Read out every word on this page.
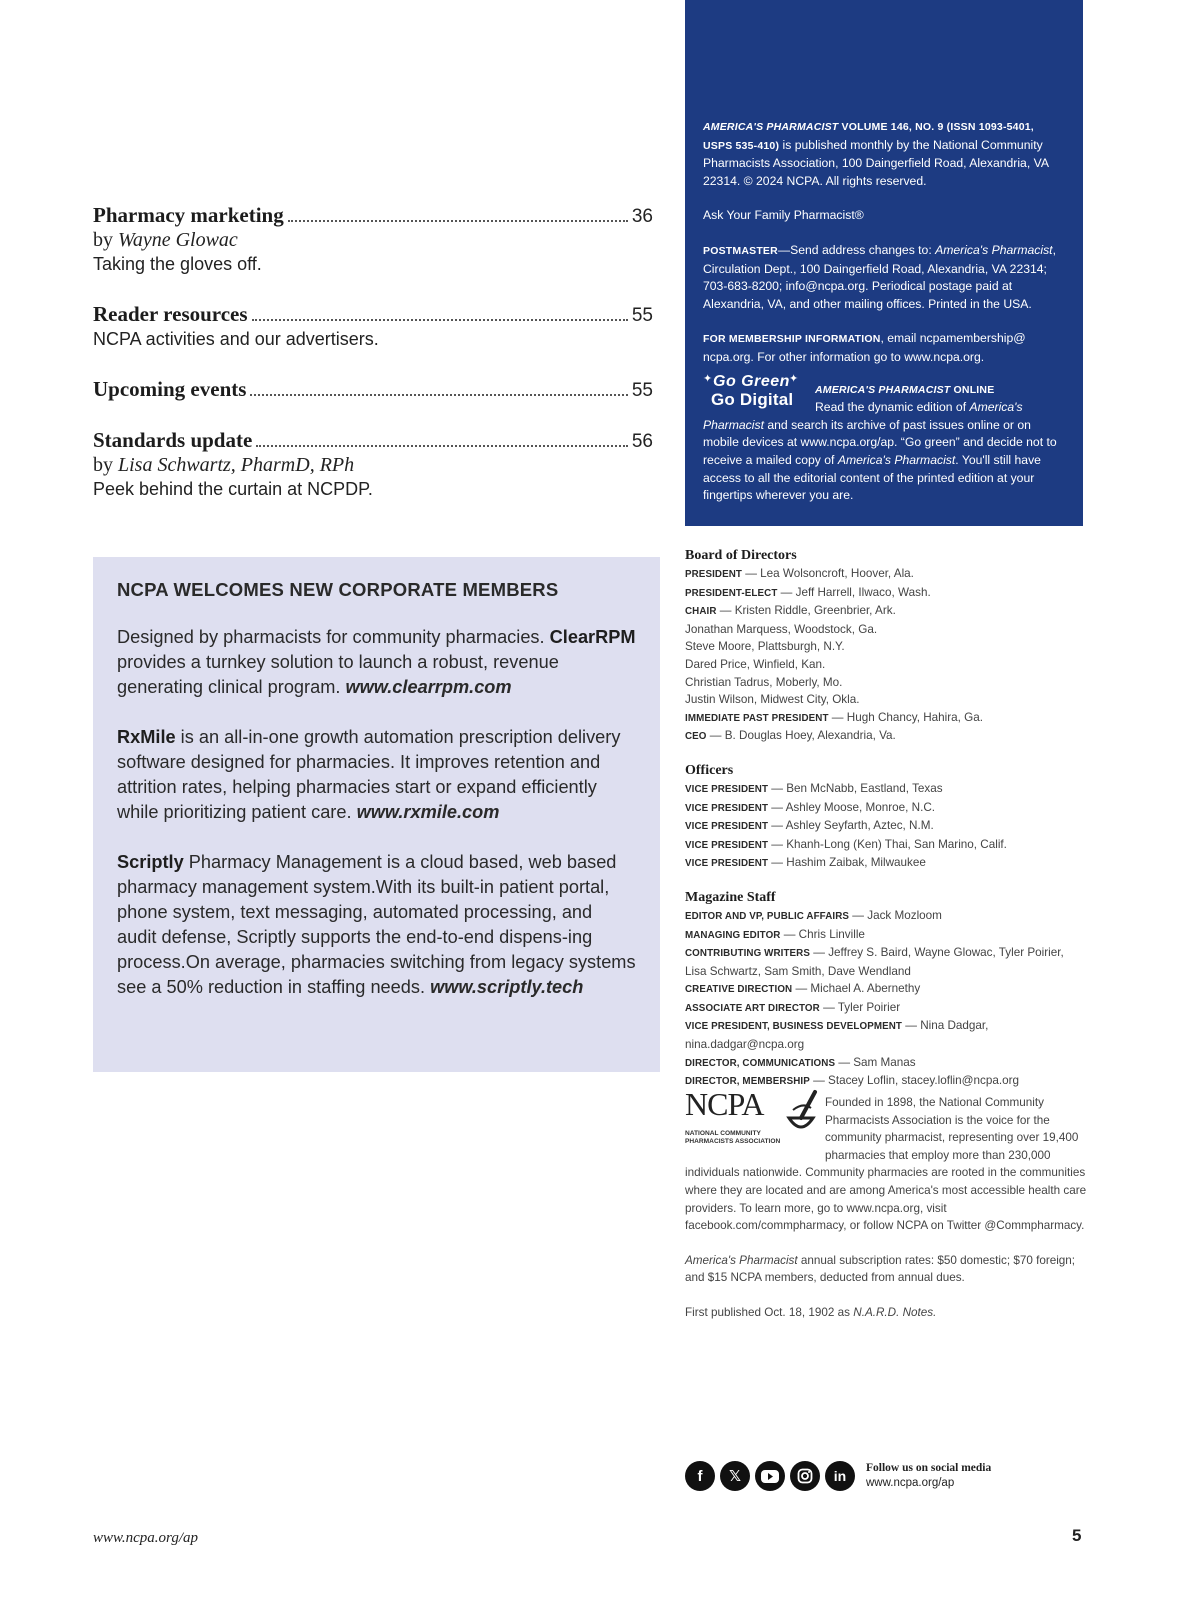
Pharmacy marketing	36
by Wayne Glowac
Taking the gloves off.
Reader resources	55
NCPA activities and our advertisers.
Upcoming events	55
Standards update	56
by Lisa Schwartz, PharmD, RPh
Peek behind the curtain at NCPDP.
NCPA WELCOMES NEW CORPORATE MEMBERS

Designed by pharmacists for community pharmacies. ClearRPM provides a turnkey solution to launch a robust, revenue generating clinical program. www.clearrpm.com

RxMile is an all-in-one growth automation prescription delivery software designed for pharmacies. It improves retention and attrition rates, helping pharmacies start or expand efficiently while prioritizing patient care. www.rxmile.com

Scriptly Pharmacy Management is a cloud based, web based pharmacy management system.With its built-in patient portal, phone system, text messaging, automated processing, and audit defense, Scriptly supports the end-to-end dispens-ing process.On average, pharmacies switching from legacy systems see a 50% reduction in staffing needs. www.scriptly.tech

AMERICA'S PHARMACIST VOLUME 146, NO. 9 (ISSN 1093-5401, USPS 535-410) is published monthly by the National Community Pharmacists Association, 100 Daingerfield Road, Alexandria, VA 22314. © 2024 NCPA. All rights reserved.

Ask Your Family Pharmacist®

POSTMASTER—Send address changes to: America's Pharmacist, Circulation Dept., 100 Daingerfield Road, Alexandria, VA 22314; 703-683-8200; info@ncpa.org. Periodical postage paid at Alexandria, VA, and other mailing offices. Printed in the USA.

FOR MEMBERSHIP INFORMATION, email ncpamembership@ ncpa.org. For other information go to www.ncpa.org.

✦	✦
Go Green
Go Digital	AMERICA'S PHARMACIST ONLINE
Read the dynamic edition of America's Pharmacist and search its archive of past issues online or on mobile devices at www.ncpa.org/ap. “Go green” and decide not to receive a mailed copy of America's Pharmacist. You'll still have access to all the editorial content of the printed edition at your fingertips wherever you are.
Board of Directors
PRESIDENT — Lea Wolsoncroft, Hoover, Ala.
PRESIDENT-ELECT — Jeff Harrell, Ilwaco, Wash.
CHAIR — Kristen Riddle, Greenbrier, Ark.
Jonathan Marquess, Woodstock, Ga.
Steve Moore, Plattsburgh, N.Y.
Dared Price, Winfield, Kan.
Christian Tadrus, Moberly, Mo.
Justin Wilson, Midwest City, Okla.
IMMEDIATE PAST PRESIDENT — Hugh Chancy, Hahira, Ga.
CEO — B. Douglas Hoey, Alexandria, Va.
Officers
VICE PRESIDENT — Ben McNabb, Eastland, Texas
VICE PRESIDENT — Ashley Moose, Monroe, N.C.
VICE PRESIDENT — Ashley Seyfarth, Aztec, N.M.
VICE PRESIDENT — Khanh-Long (Ken) Thai, San Marino, Calif.
VICE PRESIDENT — Hashim Zaibak, Milwaukee
Magazine Staff
EDITOR AND VP, PUBLIC AFFAIRS — Jack Mozloom
MANAGING EDITOR — Chris Linville
CONTRIBUTING WRITERS — Jeffrey S. Baird, Wayne Glowac, Tyler Poirier,
Lisa Schwartz, Sam Smith, Dave Wendland
CREATIVE DIRECTION — Michael A. Abernethy
ASSOCIATE ART DIRECTOR — Tyler Poirier
VICE PRESIDENT, BUSINESS DEVELOPMENT — Nina Dadgar,
nina.dadgar@ncpa.org
DIRECTOR, COMMUNICATIONS — Sam Manas
DIRECTOR, MEMBERSHIP — Stacey Loflin, stacey.loflin@ncpa.org
NCPA
NATIONAL COMMUNITY PHARMACISTS ASSOCIATION

Founded in 1898, the National Community Pharmacists Association is the voice for the community pharmacist, representing over 19,400 pharmacies that employ more than 230,000 individuals nationwide. Community pharmacies are rooted in the communities where they are located and are among America's most accessible health care providers. To learn more, go to www.ncpa.org, visit facebook.com/commpharmacy, or follow NCPA on Twitter @Commpharmacy.

America's Pharmacist annual subscription rates: $50 domestic; $70 foreign; and $15 NCPA members, deducted from annual dues.

First published Oct. 18, 1902 as N.A.R.D. Notes.

f	𝕏	in	Follow us on social media
www.ncpa.org/ap
www.ncpa.org/ap	5
